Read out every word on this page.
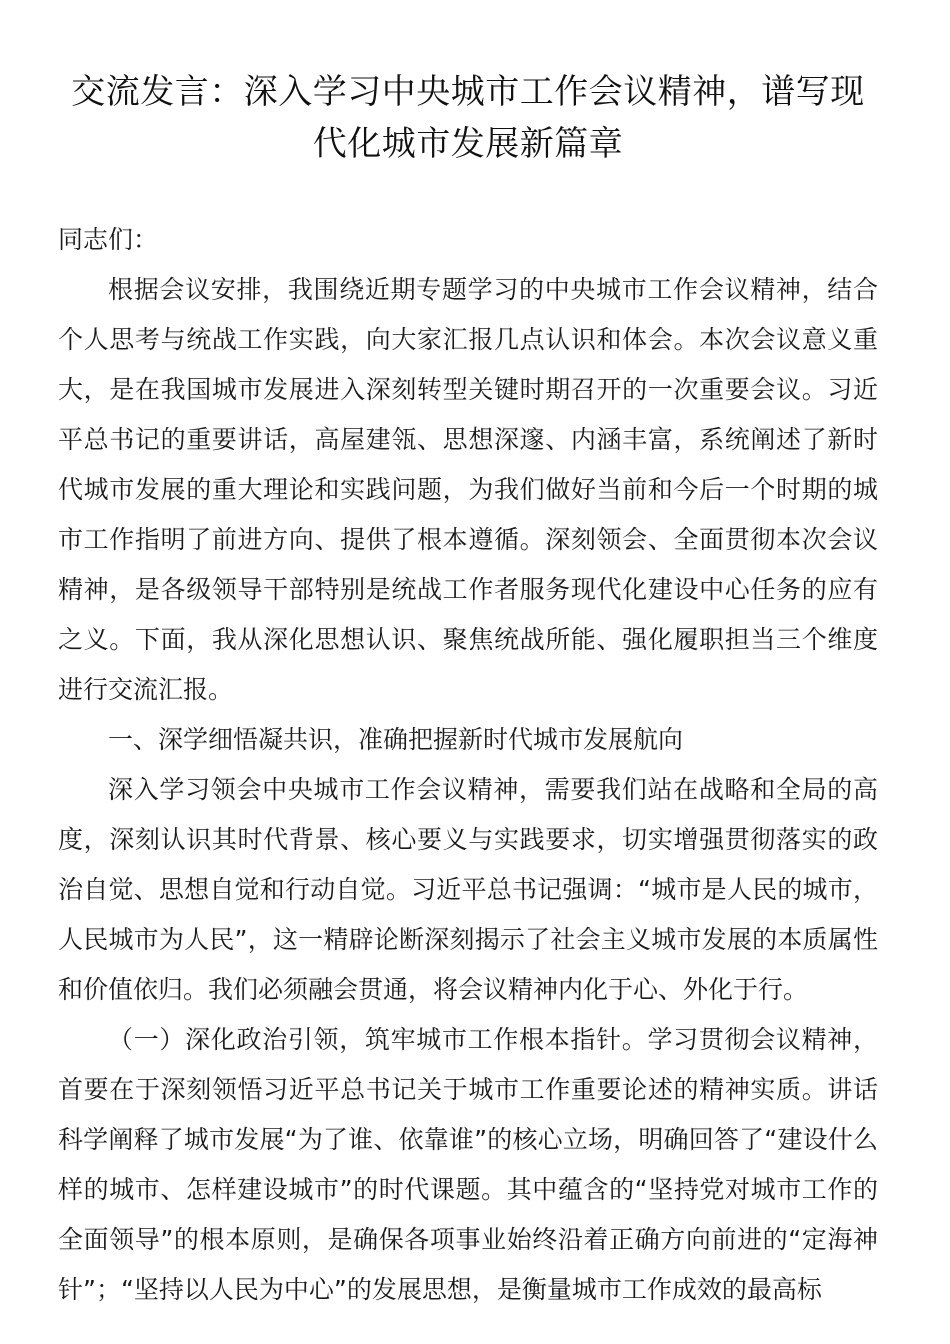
交流发言：深入学习中央城市工作会议精神，谱写现
代化城市发展新篇章

同志们：

根据会议安排，我围绕近期专题学习的中央城市工作会议精神，结合个人思考与统战工作实践，向大家汇报几点认识和体会。本次会议意义重大，是在我国城市发展进入深刻转型关键时期召开的一次重要会议。习近平总书记的重要讲话，高屋建瓴、思想深邃、内涵丰富，系统阐述了新时代城市发展的重大理论和实践问题，为我们做好当前和今后一个时期的城市工作指明了前进方向、提供了根本遵循。深刻领会、全面贯彻本次会议精神，是各级领导干部特别是统战工作者服务现代化建设中心任务的应有之义。下面，我从深化思想认识、聚焦统战所能、强化履职担当三个维度进行交流汇报。

一、深学细悟凝共识，准确把握新时代城市发展航向

深入学习领会中央城市工作会议精神，需要我们站在战略和全局的高度，深刻认识其时代背景、核心要义与实践要求，切实增强贯彻落实的政治自觉、思想自觉和行动自觉。习近平总书记强调：“城市是人民的城市，人民城市为人民”，这一精辟论断深刻揭示了社会主义城市发展的本质属性和价值依归。我们必须融会贯通，将会议精神内化于心、外化于行。

（一）深化政治引领，筑牢城市工作根本指针。学习贯彻会议精神，首要在于深刻领悟习近平总书记关于城市工作重要论述的精神实质。讲话科学阐释了城市发展“为了谁、依靠谁”的核心立场，明确回答了“建设什么样的城市、怎样建设城市”的时代课题。其中蕴含的“坚持党对城市工作的全面领导”的根本原则，是确保各项事业始终沿着正确方向前进的“定海神针”；“坚持以人民为中心”的发展思想，是衡量城市工作成效的最高标
